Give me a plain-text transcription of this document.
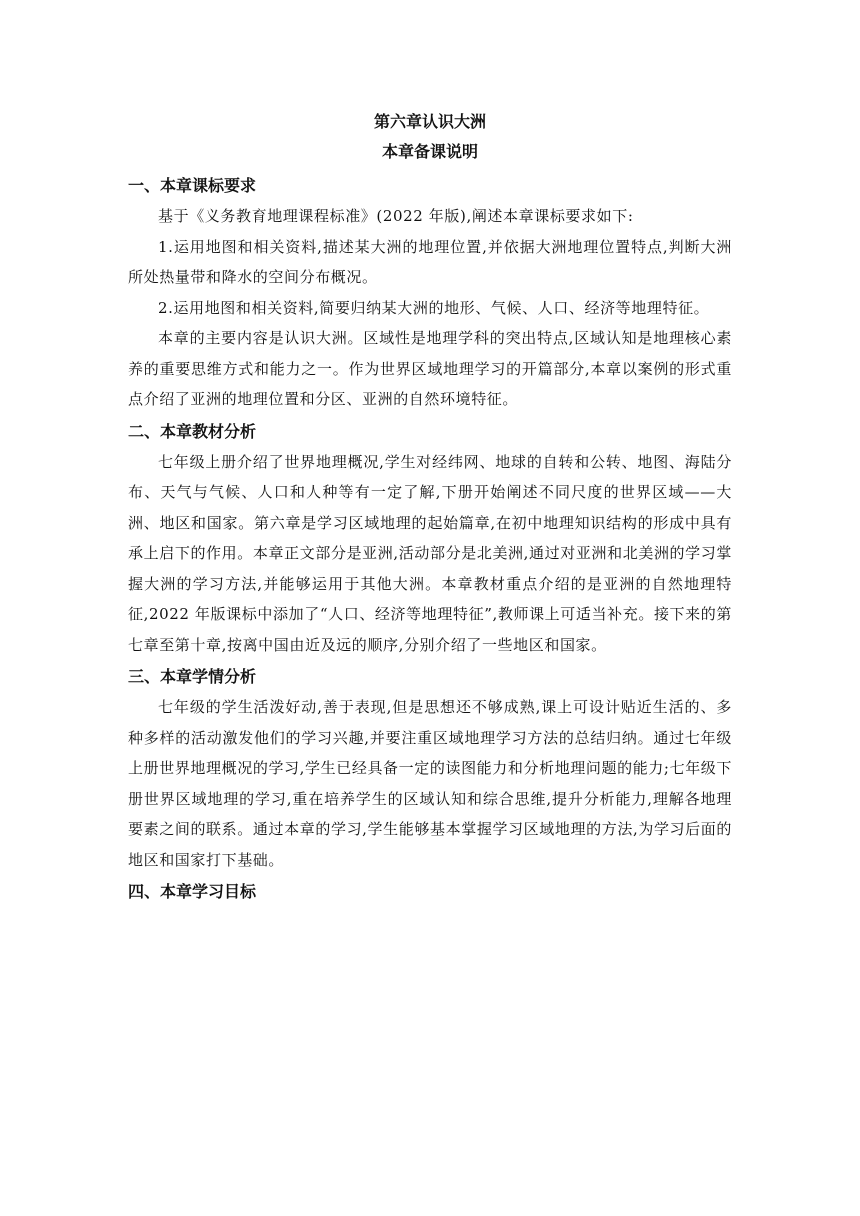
第六章认识大洲

本章备课说明

一、本章课标要求

基于《义务教育地理课程标准》(2022 年版),阐述本章课标要求如下:

1.运用地图和相关资料,描述某大洲的地理位置,并依据大洲地理位置特点,判断大洲所处热量带和降水的空间分布概况。

2.运用地图和相关资料,简要归纳某大洲的地形、气候、人口、经济等地理特征。

本章的主要内容是认识大洲。区域性是地理学科的突出特点,区域认知是地理核心素养的重要思维方式和能力之一。作为世界区域地理学习的开篇部分,本章以案例的形式重点介绍了亚洲的地理位置和分区、亚洲的自然环境特征。

二、本章教材分析

七年级上册介绍了世界地理概况,学生对经纬网、地球的自转和公转、地图、海陆分布、天气与气候、人口和人种等有一定了解,下册开始阐述不同尺度的世界区域——大洲、地区和国家。第六章是学习区域地理的起始篇章,在初中地理知识结构的形成中具有承上启下的作用。本章正文部分是亚洲,活动部分是北美洲,通过对亚洲和北美洲的学习掌握大洲的学习方法,并能够运用于其他大洲。本章教材重点介绍的是亚洲的自然地理特征,2022 年版课标中添加了“人口、经济等地理特征”,教师课上可适当补充。接下来的第七章至第十章,按离中国由近及远的顺序,分别介绍了一些地区和国家。

三、本章学情分析

七年级的学生活泼好动,善于表现,但是思想还不够成熟,课上可设计贴近生活的、多种多样的活动激发他们的学习兴趣,并要注重区域地理学习方法的总结归纳。通过七年级上册世界地理概况的学习,学生已经具备一定的读图能力和分析地理问题的能力;七年级下册世界区域地理的学习,重在培养学生的区域认知和综合思维,提升分析能力,理解各地理要素之间的联系。通过本章的学习,学生能够基本掌握学习区域地理的方法,为学习后面的地区和国家打下基础。

四、本章学习目标
